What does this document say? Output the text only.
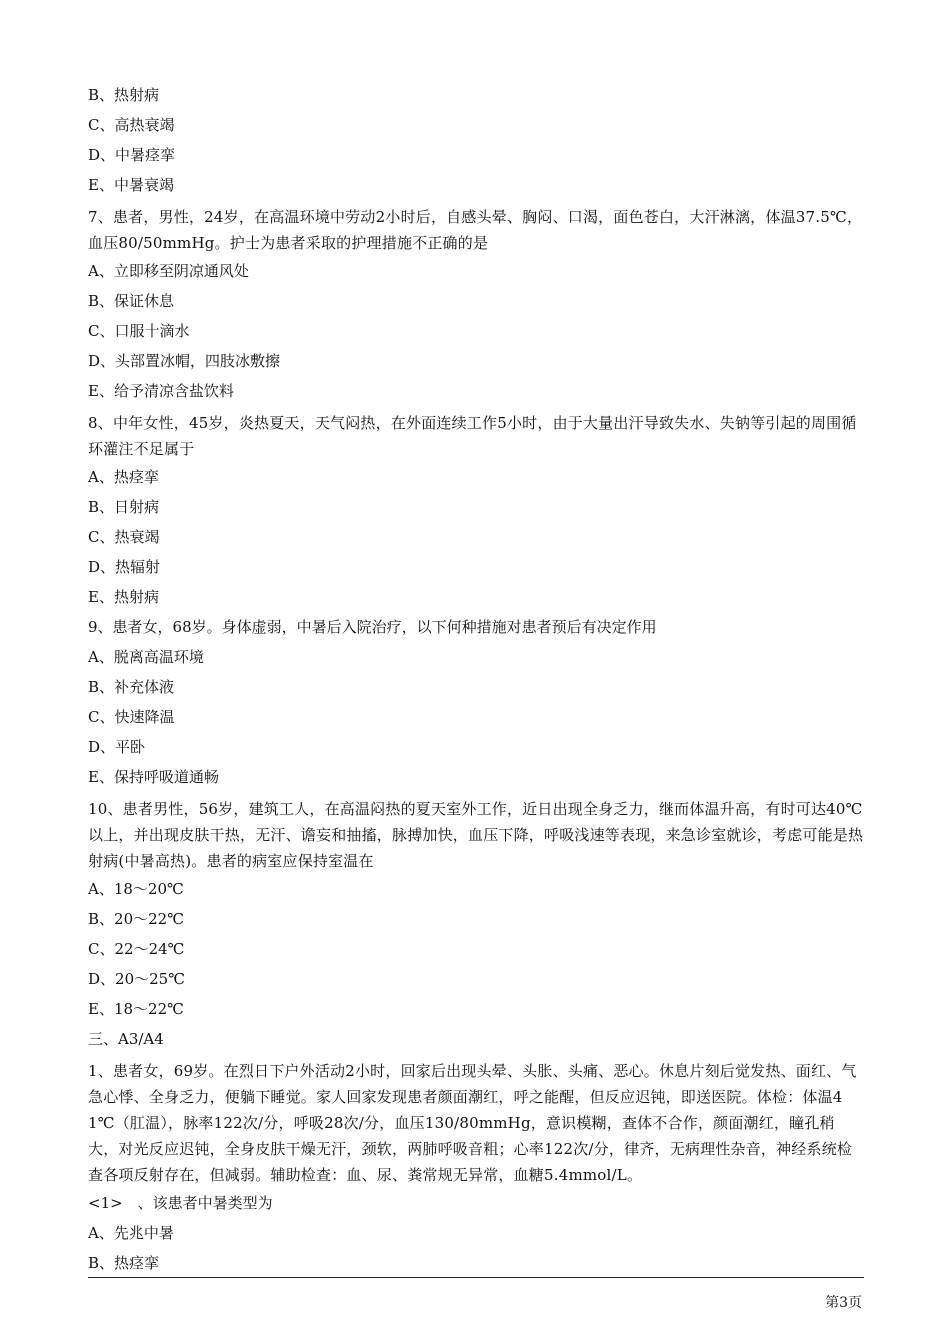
B、热射病
C、高热衰竭
D、中暑痉挛
E、中暑衰竭
7、患者，男性，24岁，在高温环境中劳动2小时后，自感头晕、胸闷、口渴，面色苍白，大汗淋漓，体温37.5℃，血压80/50mmHg。护士为患者采取的护理措施不正确的是
A、立即移至阴凉通风处
B、保证休息
C、口服十滴水
D、头部置冰帽，四肢冰敷擦
E、给予清凉含盐饮料
8、中年女性，45岁，炎热夏天，天气闷热，在外面连续工作5小时，由于大量出汗导致失水、失钠等引起的周围循环灌注不足属于
A、热痉挛
B、日射病
C、热衰竭
D、热辐射
E、热射病
9、患者女，68岁。身体虚弱，中暑后入院治疗，以下何种措施对患者预后有决定作用
A、脱离高温环境
B、补充体液
C、快速降温
D、平卧
E、保持呼吸道通畅
10、患者男性，56岁，建筑工人，在高温闷热的夏天室外工作，近日出现全身乏力，继而体温升高，有时可达40℃以上，并出现皮肤干热，无汗、谵妄和抽搐，脉搏加快，血压下降，呼吸浅速等表现，来急诊室就诊，考虑可能是热射病(中暑高热)。患者的病室应保持室温在
A、18～20℃
B、20～22℃
C、22～24℃
D、20～25℃
E、18～22℃
三、A3/A4
1、患者女，69岁。在烈日下户外活动2小时，回家后出现头晕、头胀、头痛、恶心。休息片刻后觉发热、面红、气急心悸、全身乏力，便躺下睡觉。家人回家发现患者颜面潮红，呼之能醒，但反应迟钝，即送医院。体检：体温41℃（肛温），脉率122次/分，呼吸28次/分，血压130/80mmHg，意识模糊，查体不合作，颜面潮红，瞳孔稍大，对光反应迟钝，全身皮肤干燥无汗，颈软，两肺呼吸音粗；心率122次/分，律齐，无病理性杂音，神经系统检查各项反射存在，但减弱。辅助检查：血、尿、粪常规无异常，血糖5.4mmol/L。
<1>　、该患者中暑类型为
A、先兆中暑
B、热痉挛
第3页
